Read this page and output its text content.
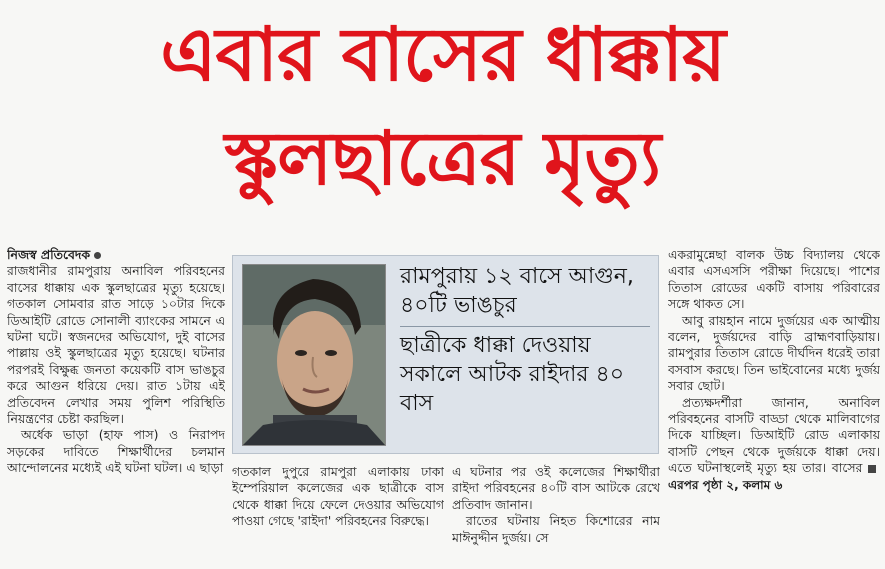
এবার বাসের ধাক্কায়
স্কুলছাত্রের মৃত্যু
নিজস্ব প্রতিবেদক

রাজধানীর রামপুরায় অনাবিল পরিবহনের বাসের ধাক্কায় এক স্কুলছাত্রের মৃত্যু হয়েছে। গতকাল সোমবার রাত সাড়ে ১০টার দিকে ডিআইটি রোডে সোনালী ব্যাংকের সামনে এ ঘটনা ঘটে। স্বজনদের অভিযোগ, দুই বাসের পাল্লায় ওই স্কুলছাত্রের মৃত্যু হয়েছে। ঘটনার পরপরই বিক্ষুব্ধ জনতা কয়েকটি বাস ভাঙচুর করে আগুন ধরিয়ে দেয়। রাত ১টায় এই প্রতিবেদন লেখার সময় পুলিশ পরিস্থিতি নিয়ন্ত্রণের চেষ্টা করছিল।

অর্ধেক ভাড়া (হাফ পাস) ও নিরাপদ সড়কের দাবিতে শিক্ষার্থীদের চলমান আন্দোলনের মধ্যেই এই ঘটনা ঘটল। এ ছাড়া

রামপুরায় ১২ বাসে আগুন, ৪০টি ভাঙচুর
ছাত্রীকে ধাক্কা দেওয়ায় সকালে আটক রাইদার ৪০ বাস

গতকাল দুপুরে রামপুরা এলাকায় ঢাকা ইম্পেরিয়াল কলেজের এক ছাত্রীকে বাস থেকে ধাক্কা দিয়ে ফেলে দেওয়ার অভিযোগ পাওয়া গেছে 'রাইদা' পরিবহনের বিরুদ্ধে।

এ ঘটনার পর ওই কলেজের শিক্ষার্থীরা রাইদা পরিবহনের ৪০টি বাস আটকে রেখে প্রতিবাদ জানান।

রাতের ঘটনায় নিহত কিশোরের নাম মাঈনুদ্দীন দুর্জয়। সে

একরামুন্নেছা বালক উচ্চ বিদ্যালয় থেকে এবার এসএসসি পরীক্ষা দিয়েছে। পাশের তিতাস রোডের একটি বাসায় পরিবারের সঙ্গে থাকত সে।

আবু রায়হান নামে দুর্জয়ের এক আত্মীয় বলেন, দুর্জয়দের বাড়ি ব্রাহ্মণবাড়িয়ায়। রামপুরার তিতাস রোডে দীর্ঘদিন ধরেই তারা বসবাস করছে। তিন ভাইবোনের মধ্যে দুর্জয় সবার ছোট।

প্রত্যক্ষদর্শীরা জানান, অনাবিল পরিবহনের বাসটি বাড্ডা থেকে মালিবাগের দিকে যাচ্ছিল। ডিআইটি রোড এলাকায় বাসটি পেছন থেকে দুর্জয়কে ধাক্কা দেয়। এতে ঘটনাস্থলেই মৃত্যু হয় তার। বাসের এরপর পৃষ্ঠা ২, কলাম ৬
